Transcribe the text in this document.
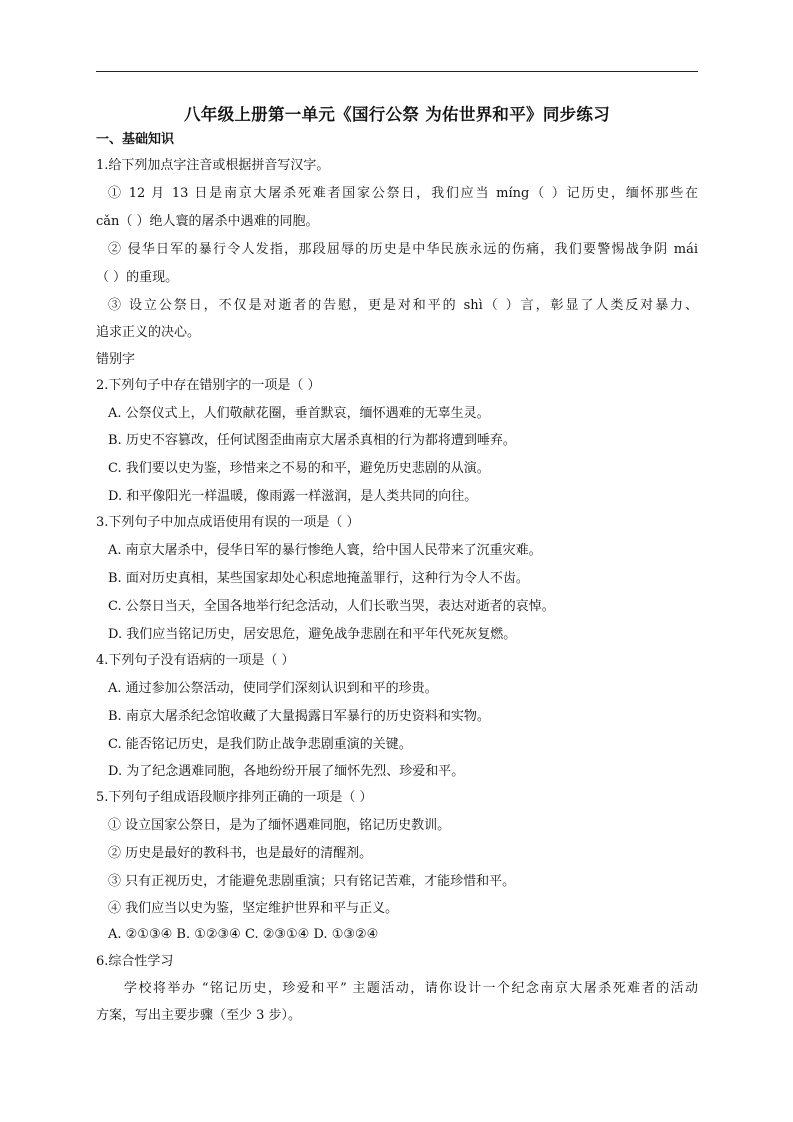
八年级上册第一单元《国行公祭 为佑世界和平》同步练习
一、基础知识
1.给下列加点字注音或根据拼音写汉字。
① 12 月 13 日是南京大屠杀死难者国家公祭日，我们应当 míng（ ）记历史，缅怀那些在
cǎn（ ）绝人寰的屠杀中遇难的同胞。
② 侵华日军的暴行令人发指，那段屈辱的历史是中华民族永远的伤痛，我们要警惕战争阴 mái
（ ）的重现。
③ 设立公祭日，不仅是对逝者的告慰，更是对和平的 shì（ ）言，彰显了人类反对暴力、
追求正义的决心。
错别字
2.下列句子中存在错别字的一项是（ ）
A. 公祭仪式上，人们敬献花圈，垂首默哀，缅怀遇难的无辜生灵。
B. 历史不容篡改，任何试图歪曲南京大屠杀真相的行为都将遭到唾弃。
C. 我们要以史为鉴，珍惜来之不易的和平，避免历史悲剧的从演。
D. 和平像阳光一样温暖，像雨露一样滋润，是人类共同的向往。
3.下列句子中加点成语使用有误的一项是（ ）
A. 南京大屠杀中，侵华日军的暴行惨绝人寰，给中国人民带来了沉重灾难。
B. 面对历史真相，某些国家却处心积虑地掩盖罪行，这种行为令人不齿。
C. 公祭日当天，全国各地举行纪念活动，人们长歌当哭，表达对逝者的哀悼。
D. 我们应当铭记历史，居安思危，避免战争悲剧在和平年代死灰复燃。
4.下列句子没有语病的一项是（ ）
A. 通过参加公祭活动，使同学们深刻认识到和平的珍贵。
B. 南京大屠杀纪念馆收藏了大量揭露日军暴行的历史资料和实物。
C. 能否铭记历史，是我们防止战争悲剧重演的关键。
D. 为了纪念遇难同胞，各地纷纷开展了缅怀先烈、珍爱和平。
5.下列句子组成语段顺序排列正确的一项是（ ）
① 设立国家公祭日，是为了缅怀遇难同胞，铭记历史教训。
② 历史是最好的教科书，也是最好的清醒剂。
③ 只有正视历史，才能避免悲剧重演；只有铭记苦难，才能珍惜和平。
④ 我们应当以史为鉴，坚定维护世界和平与正义。
A. ②①③④ B. ①②③④ C. ②③①④ D. ①③②④
6.综合性学习
学校将举办 “铭记历史，珍爱和平” 主题活动，请你设计一个纪念南京大屠杀死难者的活动
方案，写出主要步骤（至少 3 步）。
